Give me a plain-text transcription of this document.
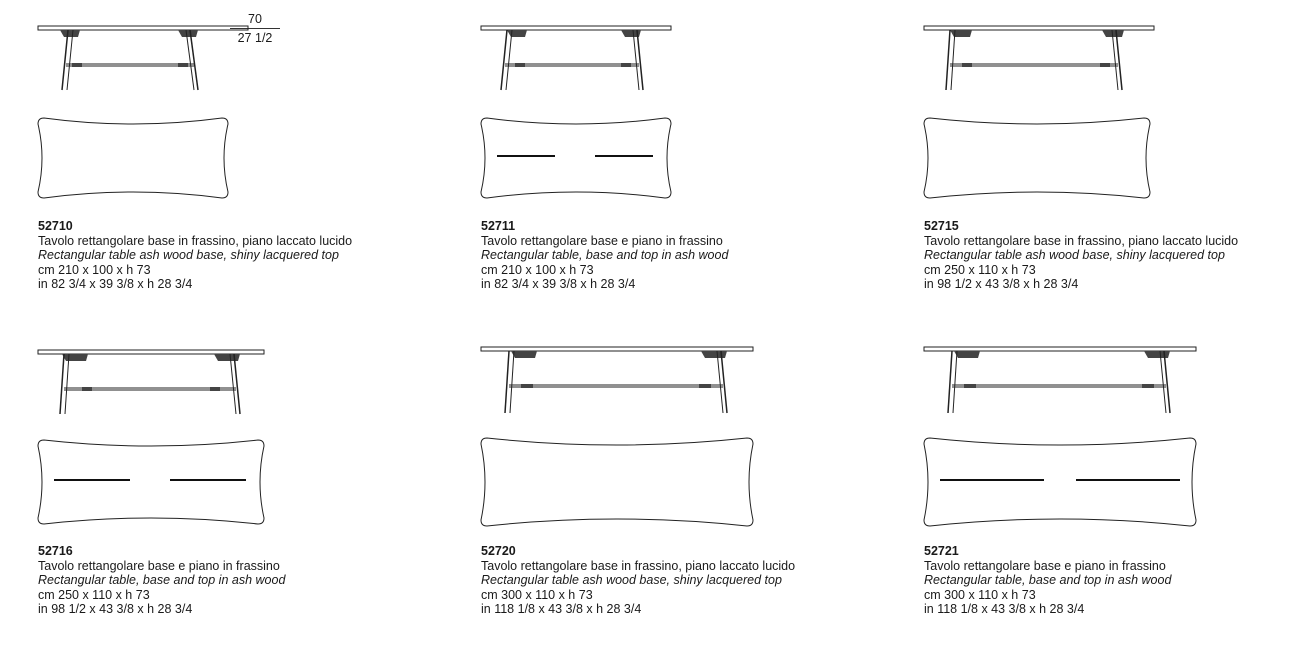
70
27 1/2
52710
Tavolo rettangolare base in frassino, piano laccato lucido
Rectangular table ash wood base, shiny lacquered top
cm 210 x 100 x h 73
in 82 3/4 x 39 3/8 x h 28 3/4
52711
Tavolo rettangolare base e piano in frassino
Rectangular table, base and top in ash wood
cm 210 x 100 x h 73
in 82 3/4 x 39 3/8 x h 28 3/4
52715
Tavolo rettangolare base in frassino, piano laccato lucido
Rectangular table ash wood base, shiny lacquered top
cm 250 x 110 x h 73
in 98 1/2 x 43 3/8 x h 28 3/4
52716
Tavolo rettangolare base e piano in frassino
Rectangular table, base and top in ash wood
cm 250 x 110 x h 73
in 98 1/2 x 43 3/8 x h 28 3/4
52720
Tavolo rettangolare base in frassino, piano laccato lucido
Rectangular table ash wood base, shiny lacquered top
cm 300 x 110 x h 73
in 118 1/8 x 43 3/8 x h 28 3/4
52721
Tavolo rettangolare base e piano in frassino
Rectangular table, base and top in ash wood
cm 300 x 110 x h 73
in 118 1/8 x 43 3/8 x h 28 3/4
